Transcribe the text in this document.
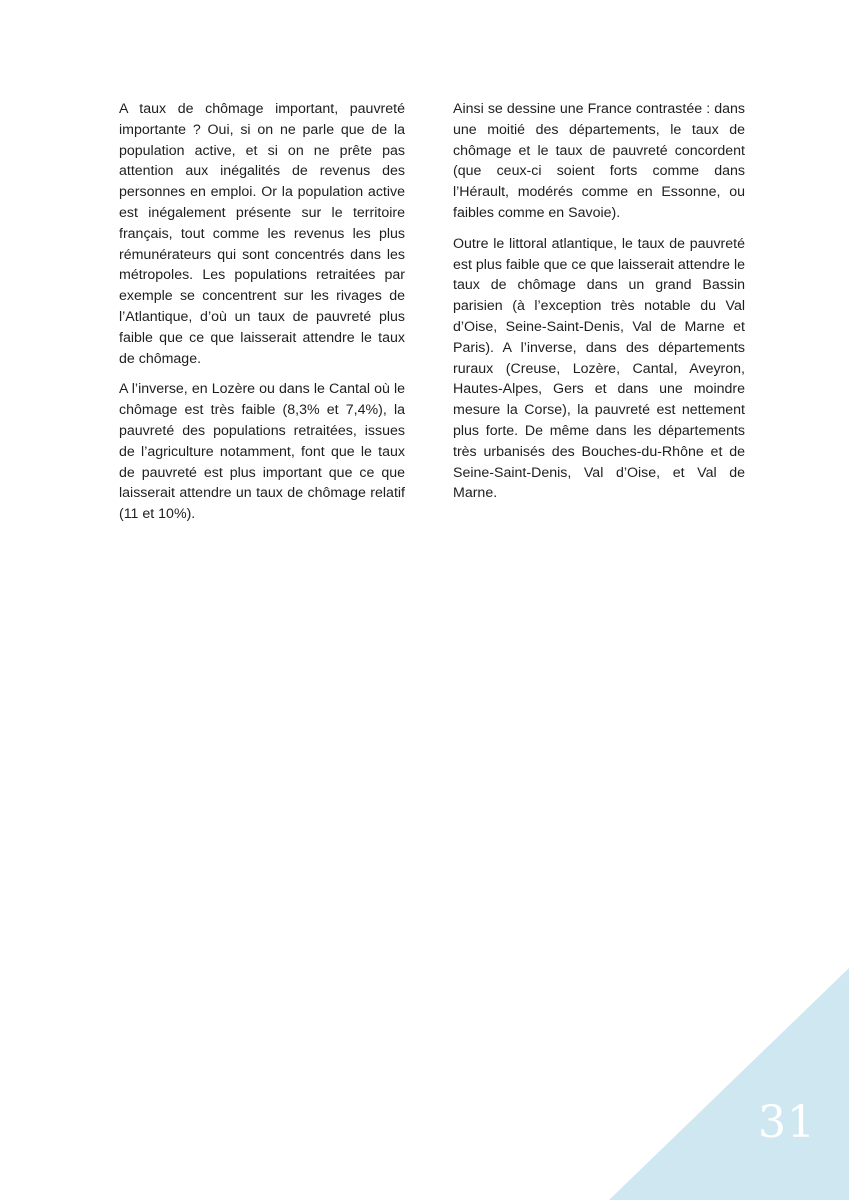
A taux de chômage important, pauvreté importante ? Oui, si on ne parle que de la population active, et si on ne prête pas attention aux inégalités de revenus des personnes en emploi. Or la population active est inégalement présente sur le territoire français, tout comme les revenus les plus rémunérateurs qui sont concentrés dans les métropoles. Les populations retraitées par exemple se concentrent sur les rivages de l’Atlantique, d’où un taux de pauvreté plus faible que ce que laisserait attendre le taux de chômage.

A l’inverse, en Lozère ou dans le Cantal où le chômage est très faible (8,3% et 7,4%), la pauvreté des populations retraitées, issues de l’agriculture notamment, font que le taux de pauvreté est plus important que ce que laisserait attendre un taux de chômage relatif (11 et 10%).

Ainsi se dessine une France contrastée : dans une moitié des départements, le taux de chômage et le taux de pauvreté concordent (que ceux-ci soient forts comme dans l’Hérault, modérés comme en Essonne, ou faibles comme en Savoie).

Outre le littoral atlantique, le taux de pauvreté est plus faible que ce que laisserait attendre le taux de chômage dans un grand Bassin parisien (à l’exception très notable du Val d’Oise, Seine-Saint-Denis, Val de Marne et Paris). A l’inverse, dans des départements ruraux (Creuse, Lozère, Cantal, Aveyron, Hautes-Alpes, Gers et dans une moindre mesure la Corse), la pauvreté est nettement plus forte. De même dans les départements très urbanisés des Bouches-du-Rhône et de Seine-Saint-Denis, Val d’Oise, et Val de Marne.

31
